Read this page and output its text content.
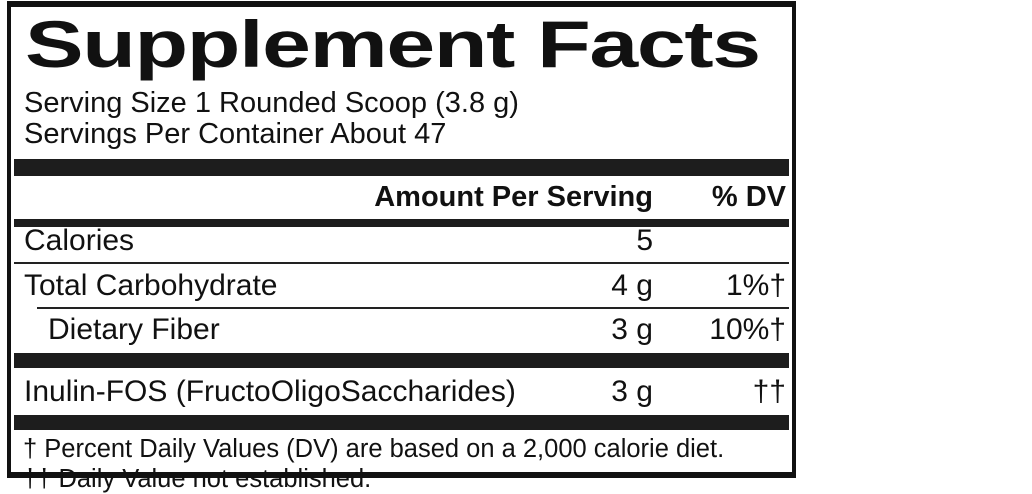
Supplement Facts
Serving Size 1 Rounded Scoop (3.8 g)
Servings Per Container About 47
Amount Per Serving	% DV
Calories	5
Total Carbohydrate	4 g	1%†
Dietary Fiber	3 g	10%†
Inulin-FOS (FructoOligoSaccharides)	3 g	††
† Percent Daily Values (DV) are based on a 2,000 calorie diet.
†† Daily Value not established.
